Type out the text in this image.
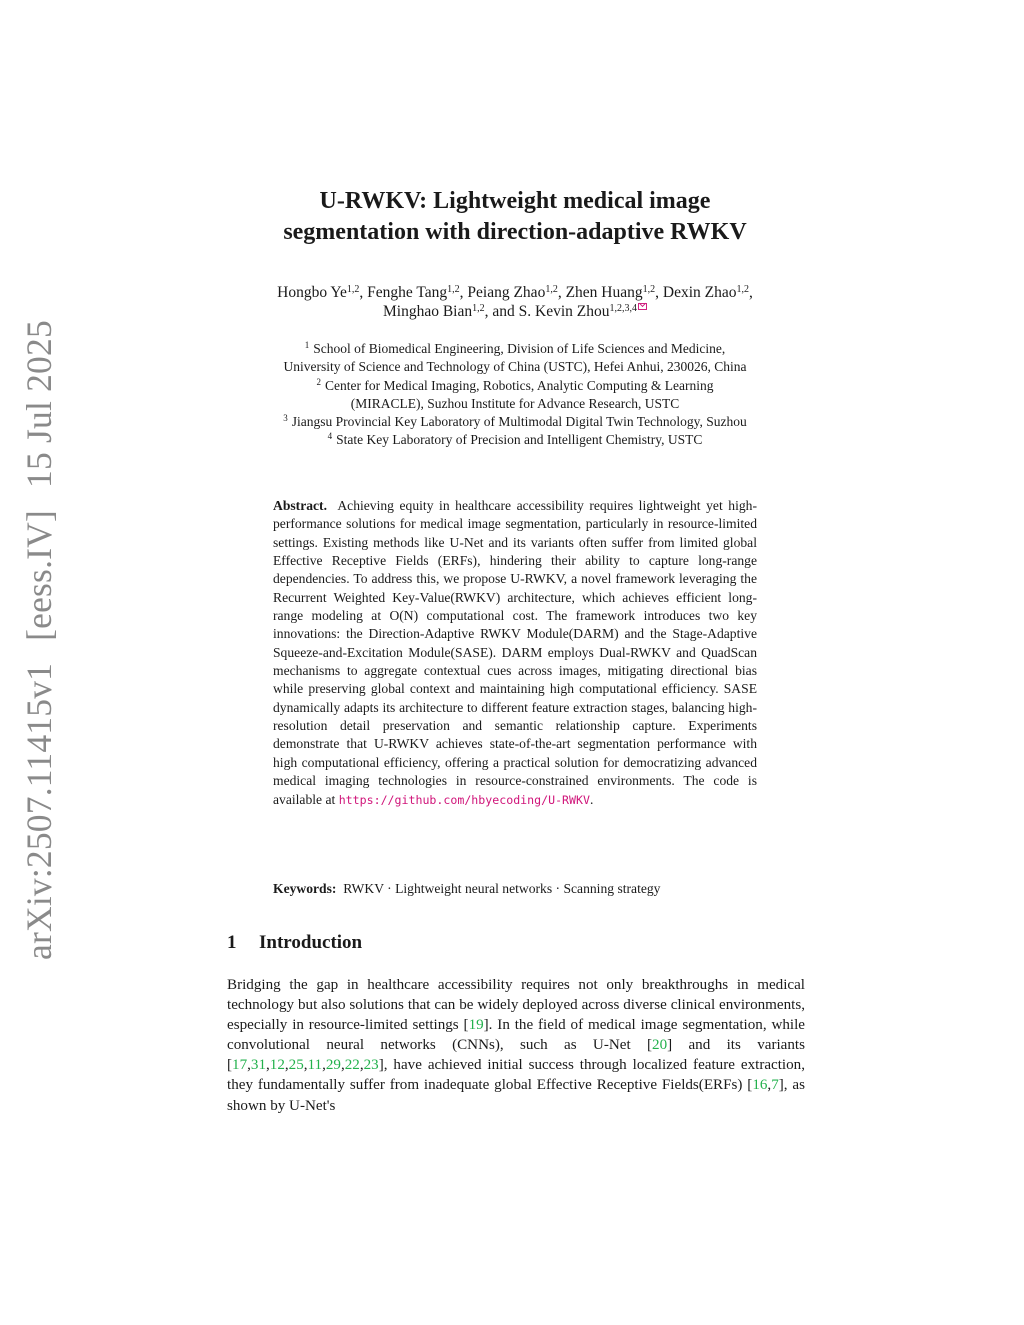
arXiv:2507.11415v1[eess.IV]15 Jul 2025
U-RWKV: Lightweight medical image
segmentation with direction-adaptive RWKV
Hongbo Ye$^{1,2}$, Fenghe Tang$^{1,2}$, Peiang Zhao$^{1,2}$, Zhen Huang$^{1,2}$, Dexin Zhao$^{1,2}$,
Minghao Bian$^{1,2}$, and S. Kevin Zhou$^{1,2,3,4}$
$^1$ School of Biomedical Engineering, Division of Life Sciences and Medicine,
University of Science and Technology of China (USTC), Hefei Anhui, 230026, China
$^2$ Center for Medical Imaging, Robotics, Analytic Computing & Learning
(MIRACLE), Suzhou Institute for Advance Research, USTC
$^3$ Jiangsu Provincial Key Laboratory of Multimodal Digital Twin Technology, Suzhou
$^4$ State Key Laboratory of Precision and Intelligent Chemistry, USTC
Abstract. Achieving equity in healthcare accessibility requires lightweight yet high-performance solutions for medical image segmentation, particularly in resource-limited settings. Existing methods like U-Net and its variants often suffer from limited global Effective Receptive Fields (ERFs), hindering their ability to capture long-range dependencies. To address this, we propose U-RWKV, a novel framework leveraging the Recurrent Weighted Key-Value(RWKV) architecture, which achieves efficient long-range modeling at O(N) computational cost. The framework introduces two key innovations: the Direction-Adaptive RWKV Module(DARM) and the Stage-Adaptive Squeeze-and-Excitation Module(SASE). DARM employs Dual-RWKV and QuadScan mechanisms to aggregate contextual cues across images, mitigating directional bias while preserving global context and maintaining high computational efficiency. SASE dynamically adapts its architecture to different feature extraction stages, balancing high-resolution detail preservation and semantic relationship capture. Experiments demonstrate that U-RWKV achieves state-of-the-art segmentation performance with high computational efficiency, offering a practical solution for democratizing advanced medical imaging technologies in resource-constrained environments. The code is available at https://github.com/hbyecoding/U-RWKV.
Keywords: RWKV · Lightweight neural networks · Scanning strategy
1 Introduction
Bridging the gap in healthcare accessibility requires not only breakthroughs in medical technology but also solutions that can be widely deployed across diverse clinical environments, especially in resource-limited settings [19]. In the field of medical image segmentation, while convolutional neural networks (CNNs), such as U-Net [20] and its variants [17,31,12,25,11,29,22,23], have achieved initial success through localized feature extraction, they fundamentally suffer from inadequate global Effective Receptive Fields(ERFs) [16,7], as shown by U-Net's
